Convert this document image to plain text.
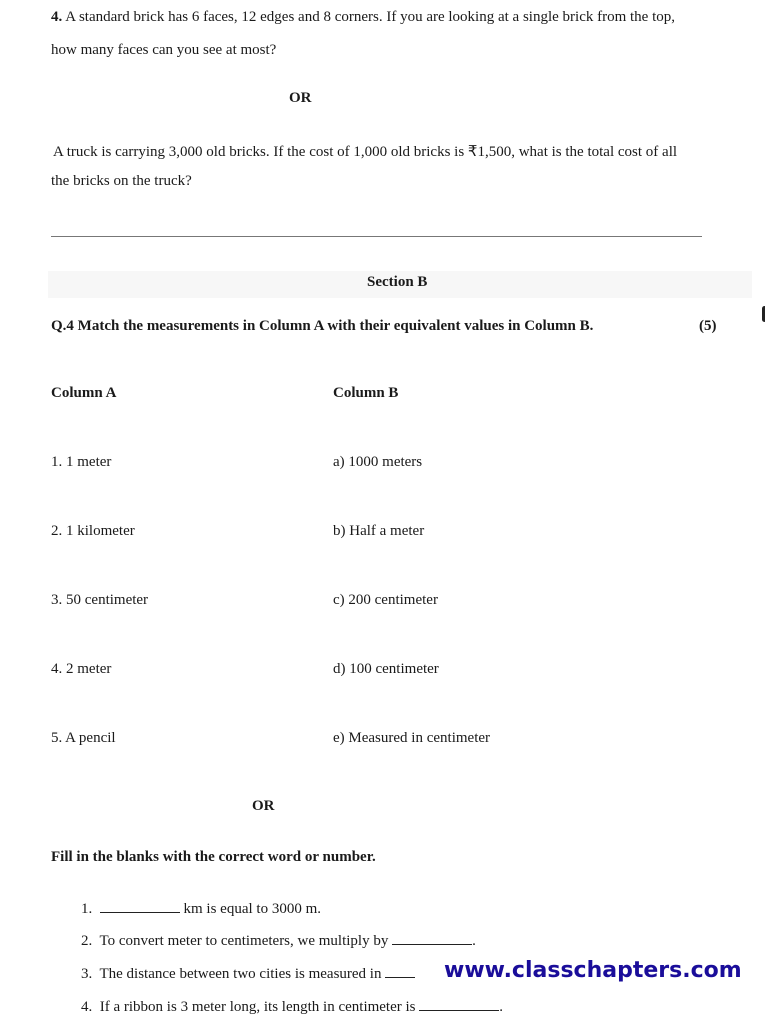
4. A standard brick has 6 faces, 12 edges and 8 corners. If you are looking at a single brick from the top,
how many faces can you see at most?
OR
A truck is carrying 3,000 old bricks. If the cost of 1,000 old bricks is ₹1,500, what is the total cost of all
the bricks on the truck?
Section B
Q.4 Match the measurements in Column A with their equivalent values in Column B.	(5)
Column A	Column B
1. 1 meter	a) 1000 meters
2. 1 kilometer	b) Half a meter
3. 50 centimeter	c) 200 centimeter
4. 2 meter	d) 100 centimeter
5. A pencil	e) Measured in centimeter
OR
Fill in the blanks with the correct word or number.
1.	km is equal to 3000 m.
2. To convert meter to centimeters, we multiply by	.
3. The distance between two cities is measured in
4. If a ribbon is 3 meter long, its length in centimeter is	.
www.classchapters.com
